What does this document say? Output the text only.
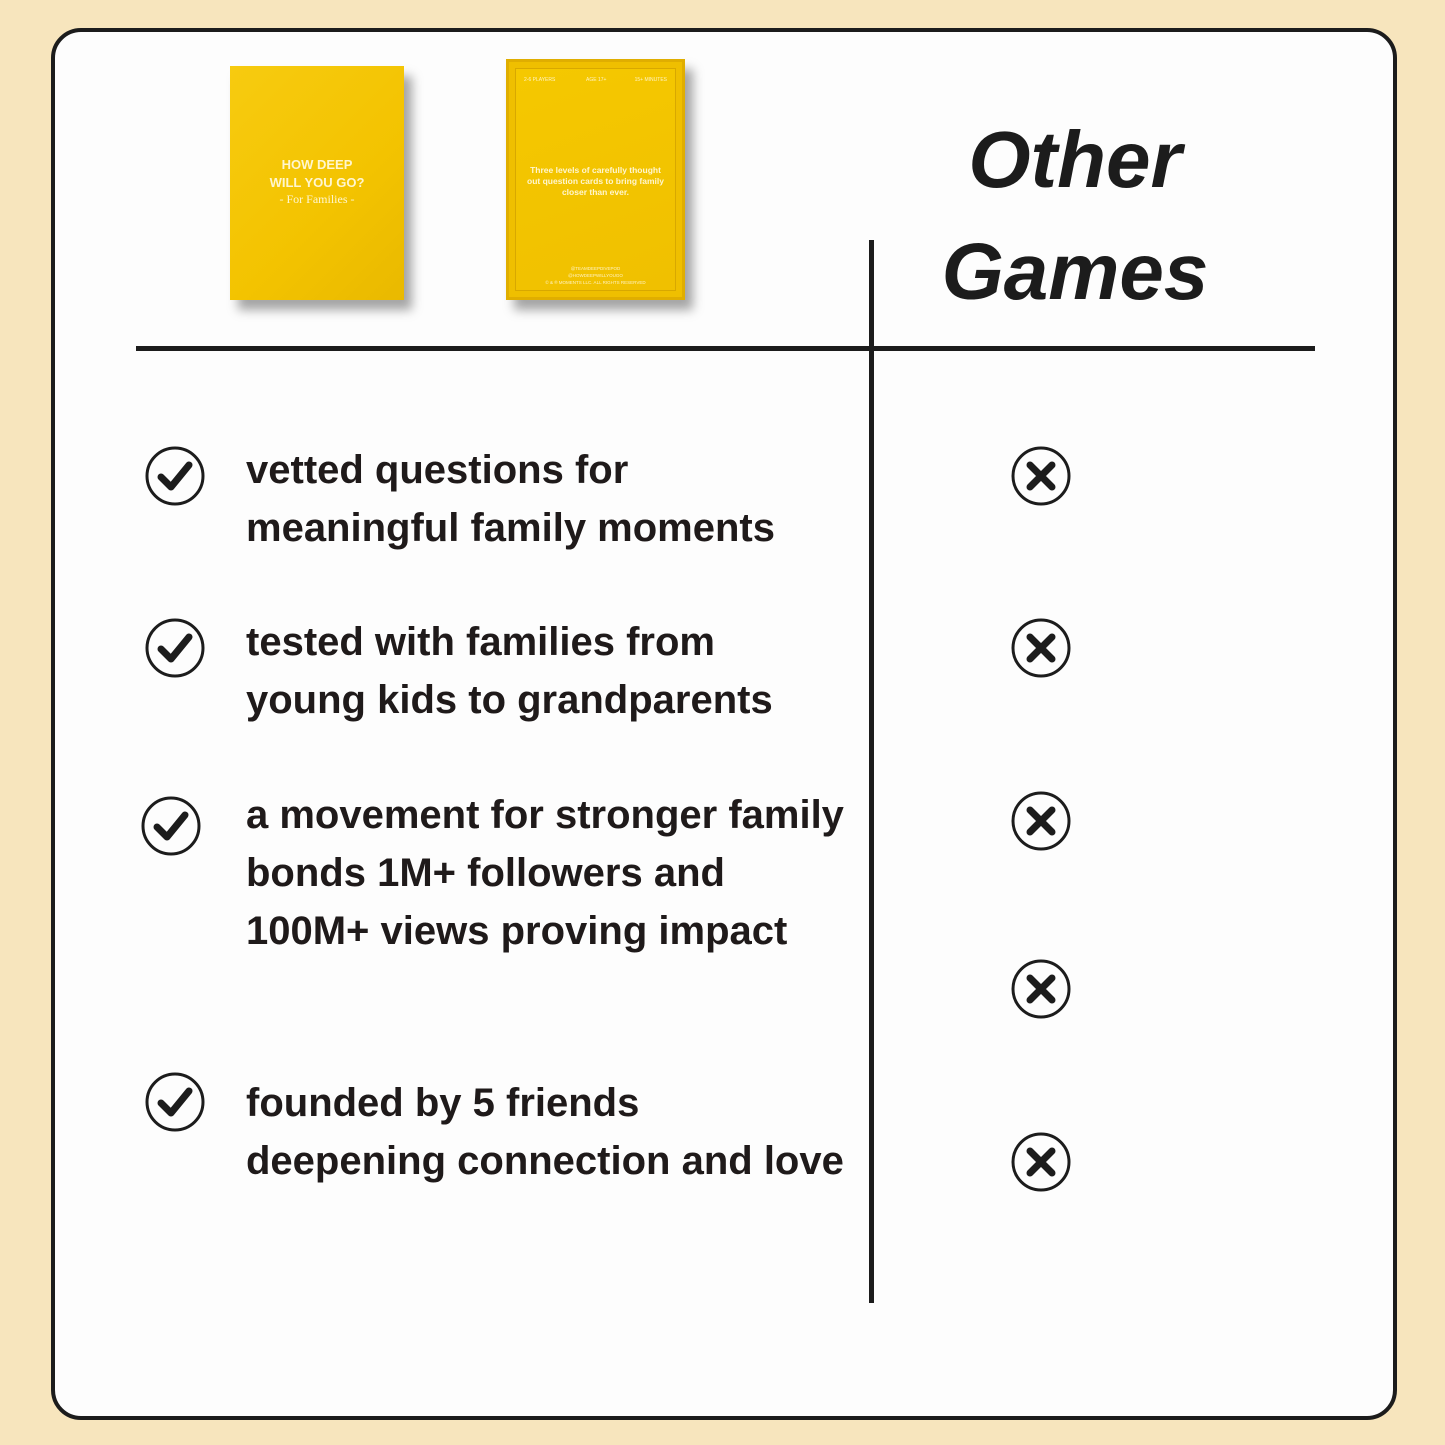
HOW DEEP
WILL YOU GO?
- For Families -
2-6 PLAYERS	AGE 17+	15+ MINUTES
Three levels of carefully thought out question cards to bring family closer than ever.
@TEAMDEEPDIVEPOD
@HOWDEEPWILLYOUGO
© & ® MOMENTS LLC. ALL RIGHTS RESERVED
Other
Games
vetted questions for meaningful family moments
tested with families from young kids to grandparents
a movement for stronger family bonds 1M+ followers and 100M+ views proving impact
founded by 5 friends deepening connection and love
